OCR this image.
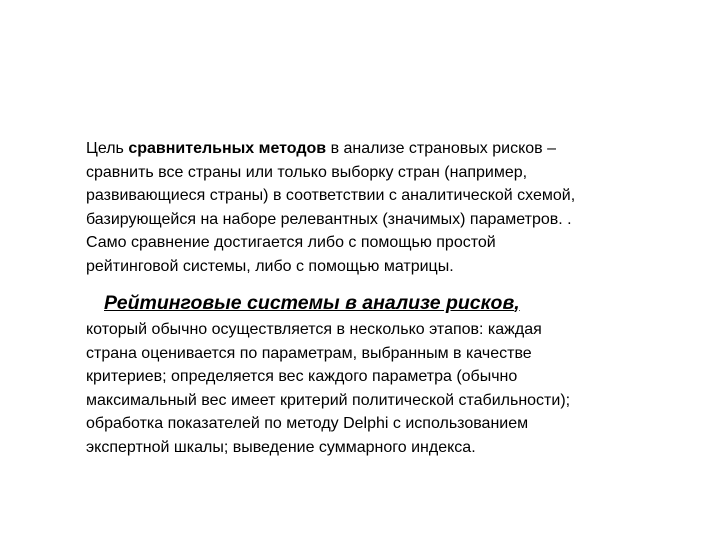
Цель сравнительных методов в анализе страновых рисков –
сравнить все страны или только выборку стран (например,
развивающиеся страны) в соответствии с аналитической схемой,
базирующейся на наборе релевантных (значимых) параметров. .
Само сравнение достигается либо с помощью простой
рейтинговой системы, либо с помощью матрицы.
Рейтинговые системы в анализе рисков,
который обычно осуществляется в несколько этапов: каждая
страна оценивается по параметрам, выбранным в качестве
критериев; определяется вес каждого параметра (обычно
максимальный вес имеет критерий политической стабильности);
обработка показателей по методу Delphi с использованием
экспертной шкалы; выведение суммарного индекса.
